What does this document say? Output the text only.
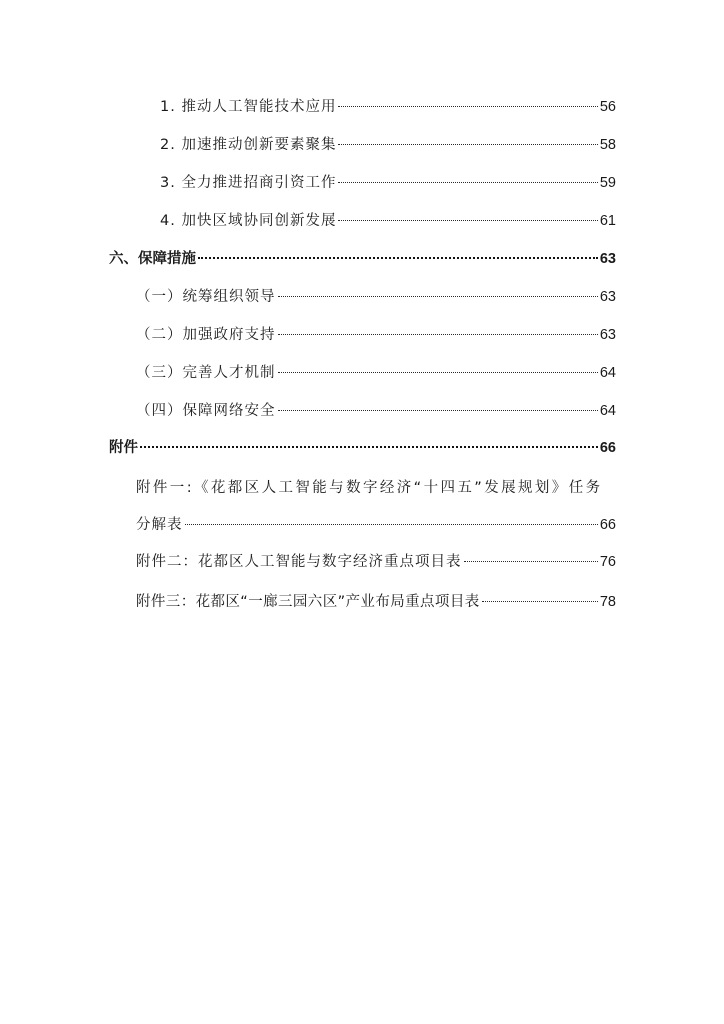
1. 推动人工智能技术应用	56
2. 加速推动创新要素聚集	58
3. 全力推进招商引资工作	59
4. 加快区域协同创新发展	61
六、保障措施	63
（一）统筹组织领导	63
（二）加强政府支持	63
（三）完善人才机制	64
（四）保障网络安全	64
附件	66
附件一:《花都区人工智能与数字经济“十四五”发展规划》任务
分解表	66
附件二：花都区人工智能与数字经济重点项目表	76
附件三：花都区“一廊三园六区”产业布局重点项目表	78
